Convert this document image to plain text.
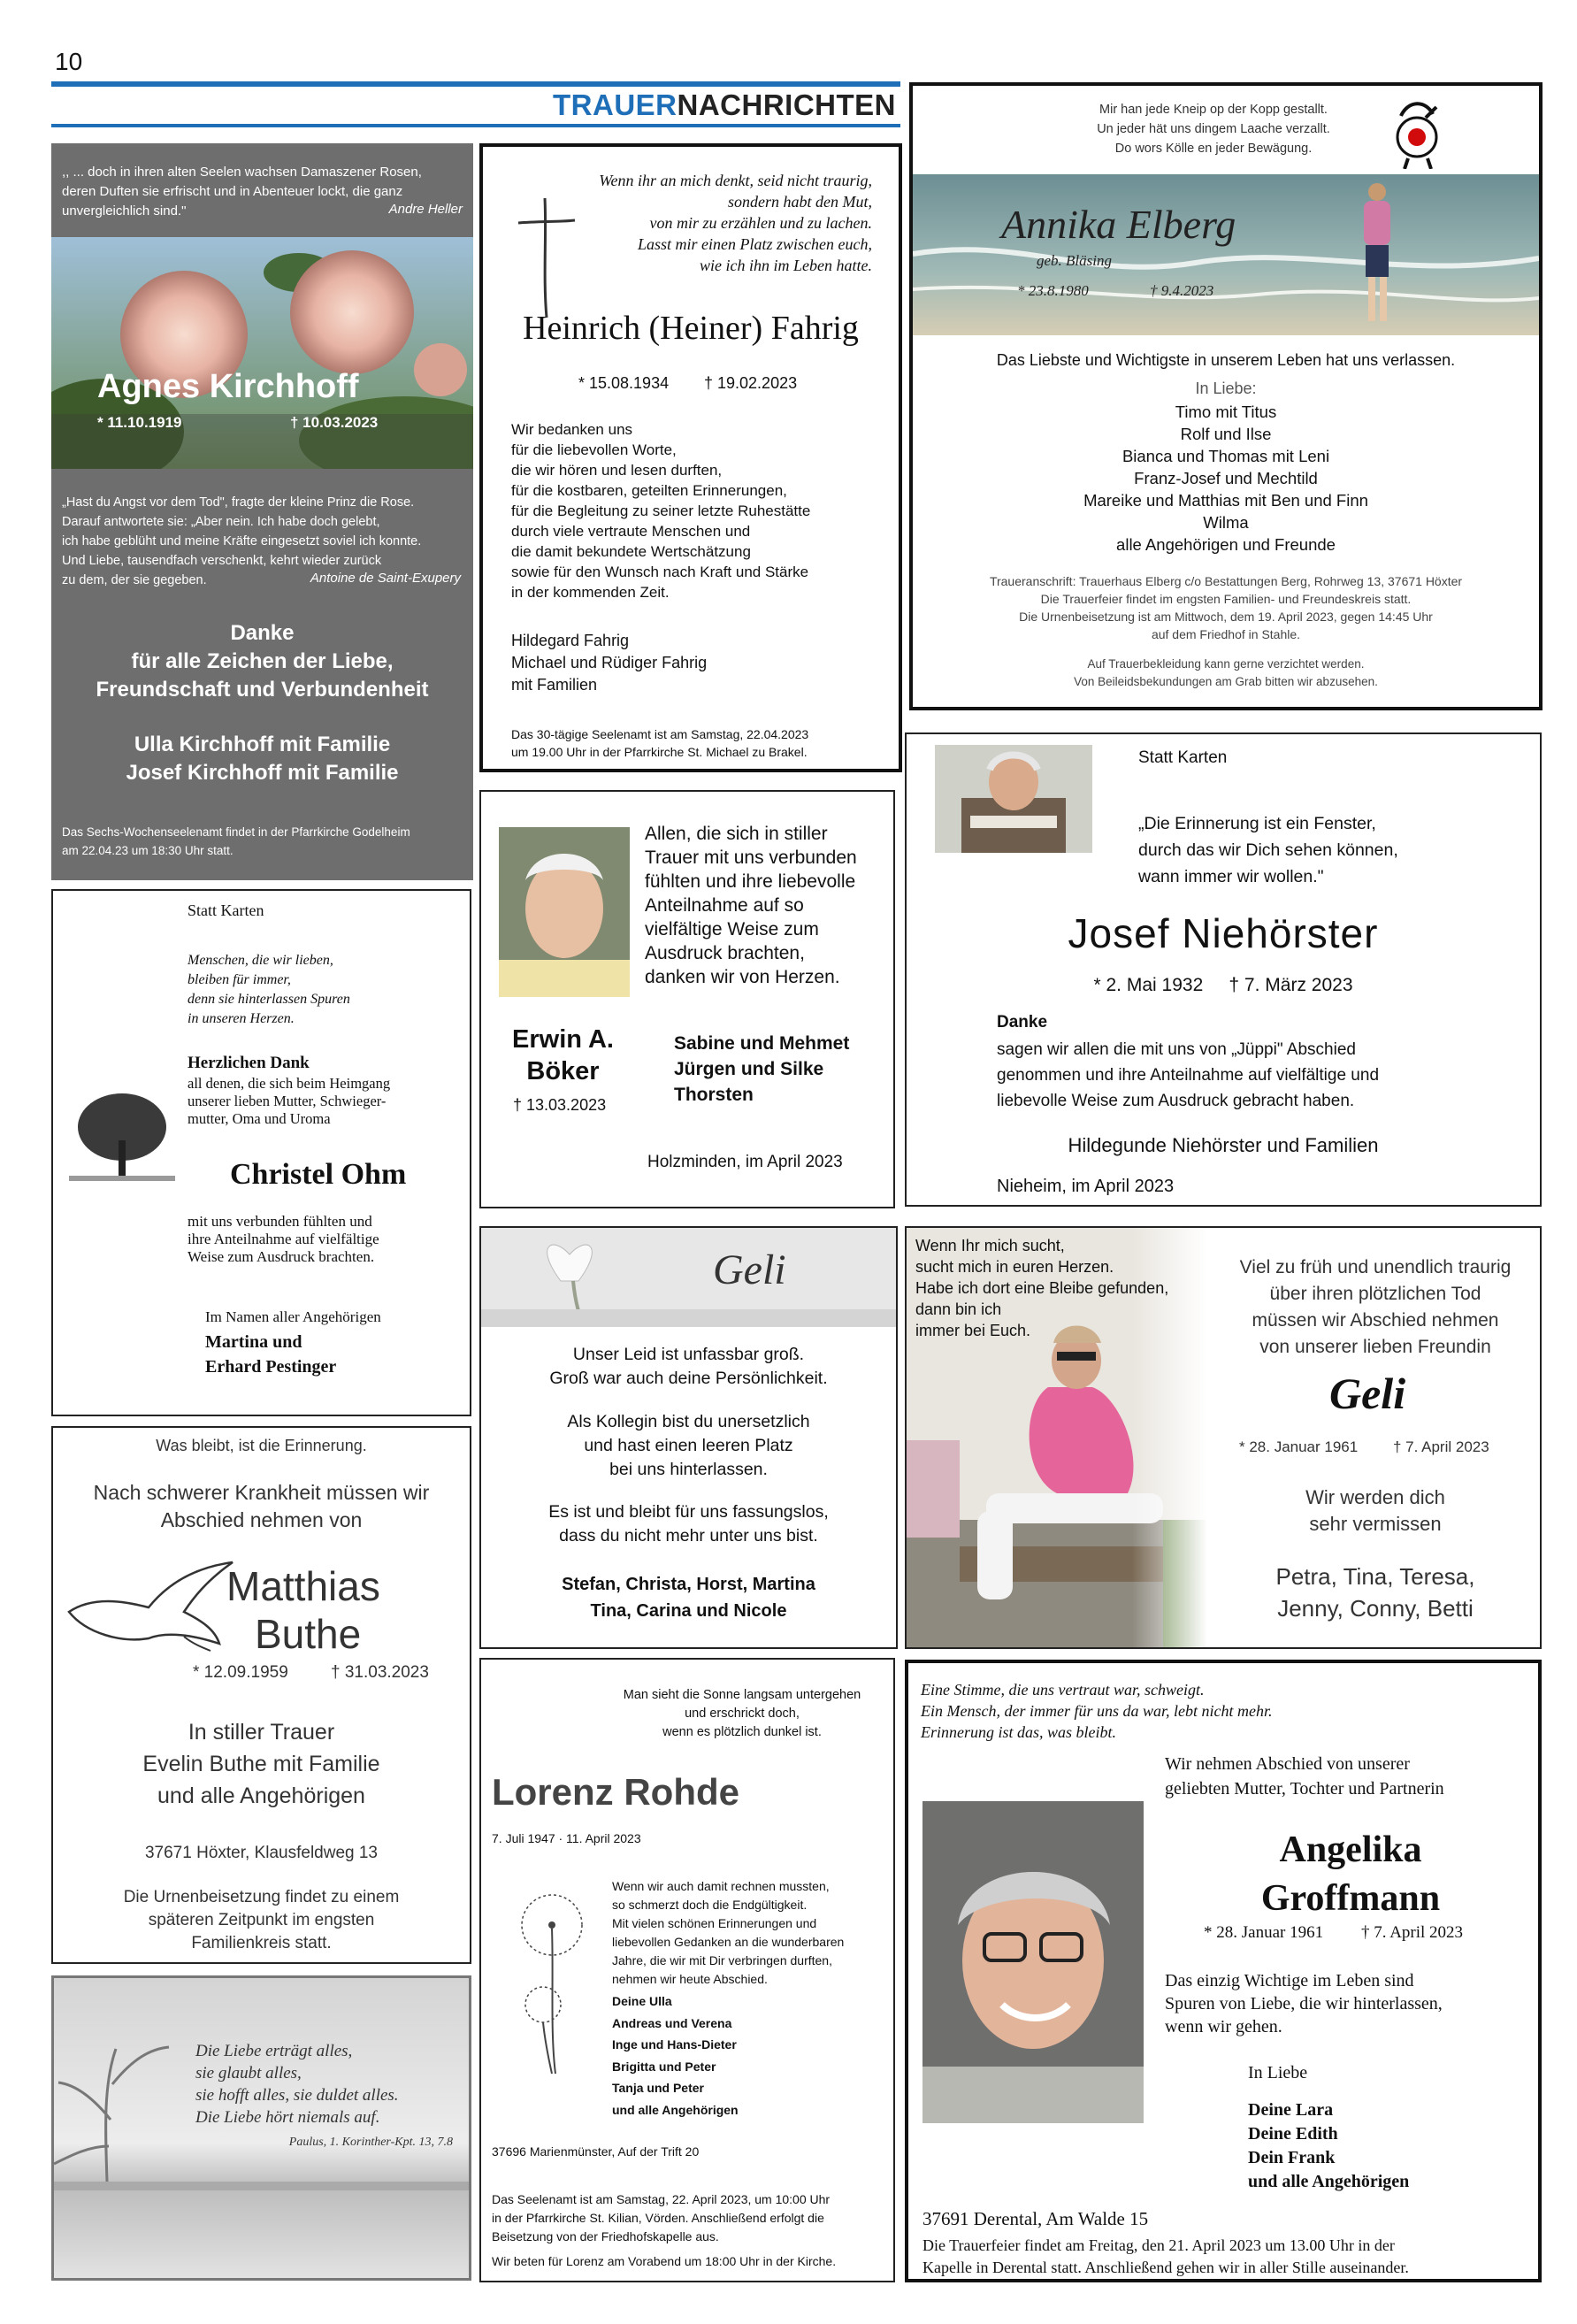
10
TRAUERNACHRICHTEN
,, ... doch in ihren alten Seelen wachsen Damaszener Rosen,
deren Duften sie erfrischt und in Abenteuer lockt, die ganz
unvergleichlich sind."	Andre Heller
Agnes Kirchhoff
* 11.10.1919	† 10.03.2023
„Hast du Angst vor dem Tod", fragte der kleine Prinz die Rose.
Darauf antwortete sie: „Aber nein. Ich habe doch gelebt,
ich habe geblüht und meine Kräfte eingesetzt soviel ich konnte.
Und Liebe, tausendfach verschenkt, kehrt wieder zurück
zu dem, der sie gegeben.	Antoine de Saint-Exupery
Danke
für alle Zeichen der Liebe,
Freundschaft und Verbundenheit
Ulla Kirchhoff mit Familie
Josef Kirchhoff mit Familie
Das Sechs-Wochenseelenamt findet in der Pfarrkirche Godelheim
am 22.04.23 um 18:30 Uhr statt.
Wenn ihr an mich denkt, seid nicht traurig,
sondern habt den Mut,
von mir zu erzählen und zu lachen.
Lasst mir einen Platz zwischen euch,
wie ich ihn im Leben hatte.
Heinrich (Heiner) Fahrig
* 15.08.1934 † 19.02.2023
Wir bedanken uns
für die liebevollen Worte,
die wir hören und lesen durften,
für die kostbaren, geteilten Erinnerungen,
für die Begleitung zu seiner letzte Ruhestätte
durch viele vertraute Menschen und
die damit bekundete Wertschätzung
sowie für den Wunsch nach Kraft und Stärke
in der kommenden Zeit.
Hildegard Fahrig
Michael und Rüdiger Fahrig
mit Familien
Das 30-tägige Seelenamt ist am Samstag, 22.04.2023
um 19.00 Uhr in der Pfarrkirche St. Michael zu Brakel.
Mir han jede Kneip op der Kopp gestallt.
Un jeder hät uns dingem Laache verzallt.
Do wors Kölle en jeder Bewägung.
Annika Elberg
geb. Bläsing
* 23.8.1980	† 9.4.2023
Das Liebste und Wichtigste in unserem Leben hat uns verlassen.
In Liebe:
Timo mit Titus
Rolf und Ilse
Bianca und Thomas mit Leni
Franz-Josef und Mechtild
Mareike und Matthias mit Ben und Finn
Wilma
alle Angehörigen und Freunde
Traueranschrift: Trauerhaus Elberg c/o Bestattungen Berg, Rohrweg 13, 37671 Höxter
Die Trauerfeier findet im engsten Familien- und Freundeskreis statt.
Die Urnenbeisetzung ist am Mittwoch, dem 19. April 2023, gegen 14:45 Uhr
auf dem Friedhof in Stahle.
Auf Trauerbekleidung kann gerne verzichtet werden.
Von Beileidsbekundungen am Grab bitten wir abzusehen.
Statt Karten
Menschen, die wir lieben,
bleiben für immer,
denn sie hinterlassen Spuren
in unseren Herzen.
Herzlichen Dank
all denen, die sich beim Heimgang
unserer lieben Mutter, Schwieger-
mutter, Oma und Uroma
Christel Ohm
mit uns verbunden fühlten und
ihre Anteilnahme auf vielfältige
Weise zum Ausdruck brachten.
Im Namen aller Angehörigen
Martina und
Erhard Pestinger
Allen, die sich in stiller
Trauer mit uns verbunden
fühlten und ihre liebevolle
Anteilnahme auf so
vielfältige Weise zum
Ausdruck brachten,
danken wir von Herzen.
Erwin A.
Böker
† 13.03.2023
Sabine und Mehmet
Jürgen und Silke
Thorsten
Holzminden, im April 2023
Statt Karten
„Die Erinnerung ist ein Fenster,
durch das wir Dich sehen können,
wann immer wir wollen."
Josef Niehörster
* 2. Mai 1932     † 7. März 2023
Danke
sagen wir allen die mit uns von „Jüppi" Abschied
genommen und ihre Anteilnahme auf vielfältige und
liebevolle Weise zum Ausdruck gebracht haben.
Hildegunde Niehörster und Familien
Nieheim, im April 2023
Was bleibt, ist die Erinnerung.
Nach schwerer Krankheit müssen wir
Abschied nehmen von
Matthias
Buthe
* 12.09.1959	† 31.03.2023
In stiller Trauer
Evelin Buthe mit Familie
und alle Angehörigen
37671 Höxter, Klausfeldweg 13
Die Urnenbeisetzung findet zu einem
späteren Zeitpunkt im engsten
Familienkreis statt.
Geli
Unser Leid ist unfassbar groß.
Groß war auch deine Persönlichkeit.
Als Kollegin bist du unersetzlich
und hast einen leeren Platz
bei uns hinterlassen.
Es ist und bleibt für uns fassungslos,
dass du nicht mehr unter uns bist.
Stefan, Christa, Horst, Martina
Tina, Carina und Nicole
Wenn Ihr mich sucht,
sucht mich in euren Herzen.
Habe ich dort eine Bleibe gefunden,
dann bin ich
immer bei Euch.
Viel zu früh und unendlich traurig
über ihren plötzlichen Tod
müssen wir Abschied nehmen
von unserer lieben Freundin
Geli
* 28. Januar 1961 † 7. April 2023
Wir werden dich
sehr vermissen
Petra, Tina, Teresa,
Jenny, Conny, Betti
Die Liebe erträgt alles,
sie glaubt alles,
sie hofft alles, sie duldet alles.
Die Liebe hört niemals auf.
Paulus, 1. Korinther-Kpt. 13, 7.8
Man sieht die Sonne langsam untergehen
und erschrickt doch,
wenn es plötzlich dunkel ist.
Lorenz Rohde
7. Juli 1947 · 11. April 2023
Wenn wir auch damit rechnen mussten,
so schmerzt doch die Endgültigkeit.
Mit vielen schönen Erinnerungen und
liebevollen Gedanken an die wunderbaren
Jahre, die wir mit Dir verbringen durften,
nehmen wir heute Abschied.
Deine Ulla
Andreas und Verena
Inge und Hans-Dieter
Brigitta und Peter
Tanja und Peter
und alle Angehörigen
37696 Marienmünster, Auf der Trift 20
Das Seelenamt ist am Samstag, 22. April 2023, um 10:00 Uhr
in der Pfarrkirche St. Kilian, Vörden. Anschließend erfolgt die
Beisetzung von der Friedhofskapelle aus.
Wir beten für Lorenz am Vorabend um 18:00 Uhr in der Kirche.
Eine Stimme, die uns vertraut war, schweigt.
Ein Mensch, der immer für uns da war, lebt nicht mehr.
Erinnerung ist das, was bleibt.
Wir nehmen Abschied von unserer
geliebten Mutter, Tochter und Partnerin
Angelika
Groffmann
* 28. Januar 1961 † 7. April 2023
Das einzig Wichtige im Leben sind
Spuren von Liebe, die wir hinterlassen,
wenn wir gehen.
In Liebe
Deine Lara
Deine Edith
Dein Frank
und alle Angehörigen
37691 Derental, Am Walde 15
Die Trauerfeier findet am Freitag, den 21. April 2023 um 13.00 Uhr in der
Kapelle in Derental statt. Anschließend gehen wir in aller Stille auseinander.
